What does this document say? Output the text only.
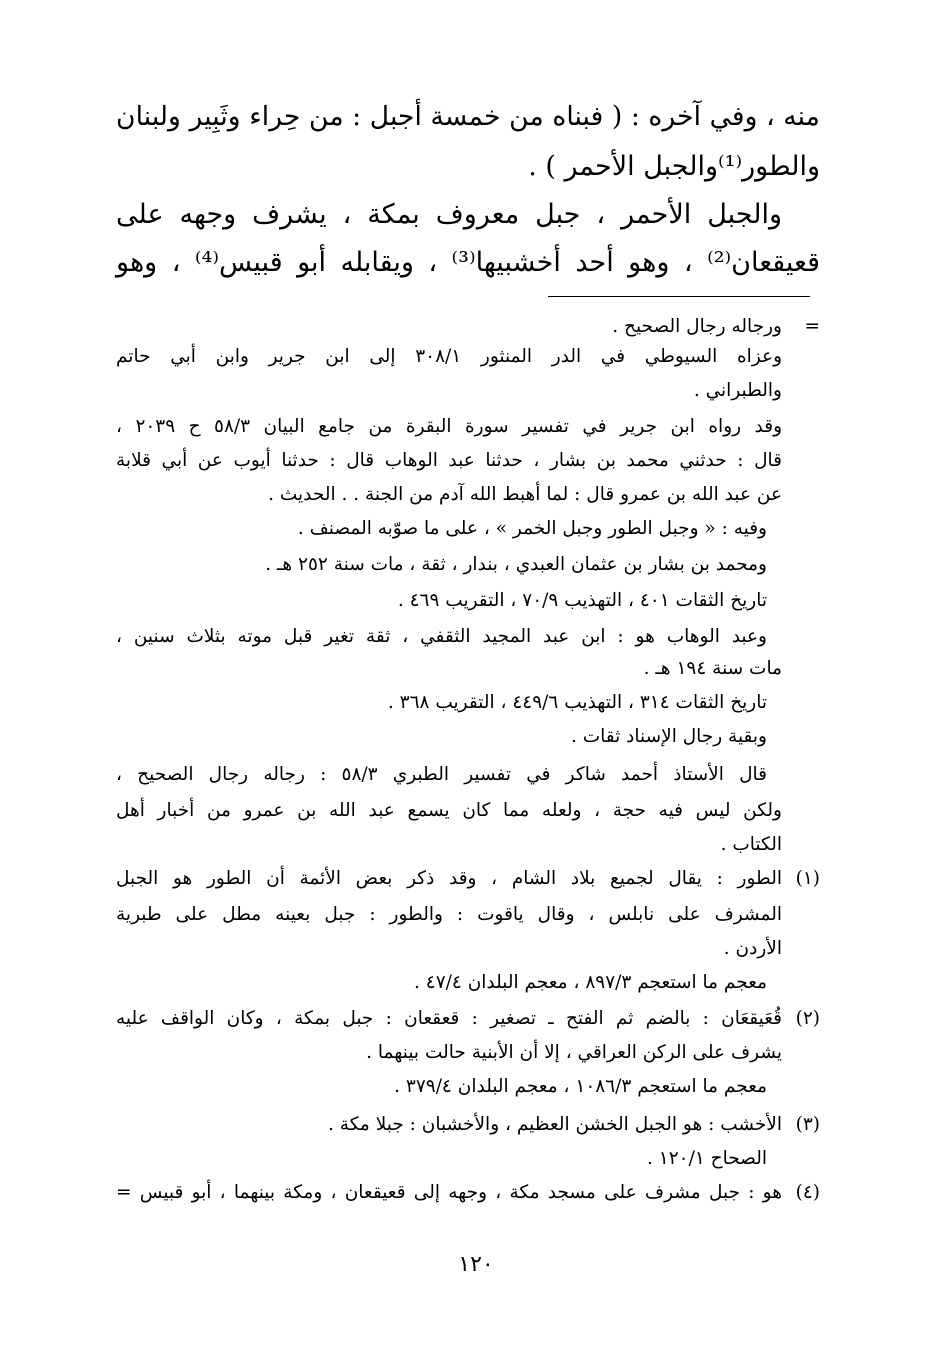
منه ، وفي آخره : ( فبناه من خمسة أجبل : من حِراء وثَبِير ولبنان
والطور⁽¹⁾والجبل الأحمر ) .
والجبل الأحمر ، جبل معروف بمكة ، يشرف وجهه على
قعيقعان⁽²⁾ ، وهو أحد أخشبيها⁽³⁾ ، ويقابله أبو قبيس⁽⁴⁾ ، وهو
=
ورجاله رجال الصحيح .
وعزاه السيوطي في الدر المنثور ٣٠٨/١ إلى ابن جرير وابن أبي حاتم
والطبراني .
وقد رواه ابن جرير في تفسير سورة البقرة من جامع البيان ٥٨/٣ ح ٢٠٣٩ ،
قال : حدثني محمد بن بشار ، حدثنا عبد الوهاب قال : حدثنا أيوب عن أبي قلابة
عن عبد الله بن عمرو قال : لما أهبط الله آدم من الجنة . . الحديث .
وفيه : « وجبل الطور وجبل الخمر » ، على ما صوّبه المصنف .
ومحمد بن بشار بن عثمان العبدي ، بندار ، ثقة ، مات سنة ٢٥٢ هـ .
تاريخ الثقات ٤٠١ ، التهذيب ٧٠/٩ ، التقريب ٤٦٩ .
وعبد الوهاب هو : ابن عبد المجيد الثقفي ، ثقة تغير قبل موته بثلاث سنين ،
مات سنة ١٩٤ هـ .
تاريخ الثقات ٣١٤ ، التهذيب ٤٤٩/٦ ، التقريب ٣٦٨ .
وبقية رجال الإسناد ثقات .
قال الأستاذ أحمد شاكر في تفسير الطبري ٥٨/٣ : رجاله رجال الصحيح ،
ولكن ليس فيه حجة ، ولعله مما كان يسمع عبد الله بن عمرو من أخبار أهل
الكتاب .
(١)
الطور : يقال لجميع بلاد الشام ، وقد ذكر بعض الأئمة أن الطور هو الجبل
المشرف على نابلس ، وقال ياقوت : والطور : جبل بعينه مطل على طبرية
الأردن .
معجم ما استعجم ٨٩٧/٣ ، معجم البلدان ٤٧/٤ .
(٢)
قُعَيقعَان : بالضم ثم الفتح ـ تصغير : قعقعان : جبل بمكة ، وكان الواقف عليه
يشرف على الركن العراقي ، إلا أن الأبنية حالت بينهما .
معجم ما استعجم ١٠٨٦/٣ ، معجم البلدان ٣٧٩/٤ .
(٣)
الأخشب : هو الجبل الخشن العظيم ، والأخشبان : جبلا مكة .
الصحاح ١٢٠/١ .
(٤)
هو : جبل مشرف على مسجد مكة ، وجهه إلى قعيقعان ، ومكة بينهما ، أبو قبيس =
١٢٠
